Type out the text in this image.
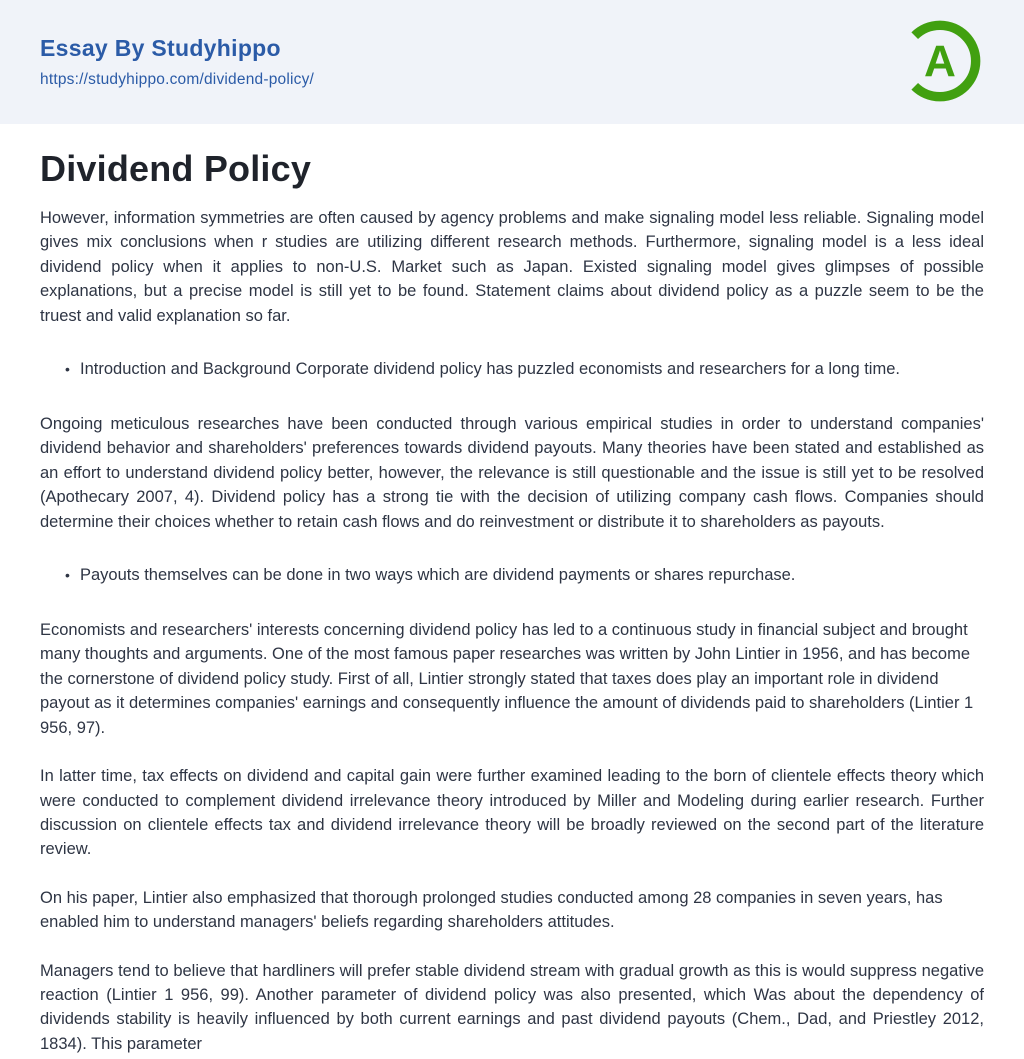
Essay By Studyhippo
https://studyhippo.com/dividend-policy/	A
Dividend Policy

However, information symmetries are often caused by agency problems and make signaling model less reliable. Signaling model gives mix conclusions when r studies are utilizing different research methods. Furthermore, signaling model is a less ideal dividend policy when it applies to non-U.S. Market such as Japan. Existed signaling model gives glimpses of possible explanations, but a precise model is still yet to be found. Statement claims about dividend policy as a puzzle seem to be the truest and valid explanation so far.

• Introduction and Background Corporate dividend policy has puzzled economists and researchers for a long time.

Ongoing meticulous researches have been conducted through various empirical studies in order to understand companies' dividend behavior and shareholders' preferences towards dividend payouts. Many theories have been stated and established as an effort to understand dividend policy better, however, the relevance is still questionable and the issue is still yet to be resolved (Apothecary 2007, 4). Dividend policy has a strong tie with the decision of utilizing company cash flows. Companies should determine their choices whether to retain cash flows and do reinvestment or distribute it to shareholders as payouts.

• Payouts themselves can be done in two ways which are dividend payments or shares repurchase.

Economists and researchers' interests concerning dividend policy has led to a continuous study in financial subject and brought many thoughts and arguments. One of the most famous paper researches was written by John Lintier in 1956, and has become the cornerstone of dividend policy study. First of all, Lintier strongly stated that taxes does play an important role in dividend payout as it determines companies' earnings and consequently influence the amount of dividends paid to shareholders (Lintier 1 956, 97).

In latter time, tax effects on dividend and capital gain were further examined leading to the born of clientele effects theory which were conducted to complement dividend irrelevance theory introduced by Miller and Modeling during earlier research. Further discussion on clientele effects tax and dividend irrelevance theory will be broadly reviewed on the second part of the literature review.

On his paper, Lintier also emphasized that thorough prolonged studies conducted among 28 companies in seven years, has enabled him to understand managers' beliefs regarding shareholders attitudes.

Managers tend to believe that hardliners will prefer stable dividend stream with gradual growth as this is would suppress negative reaction (Lintier 1 956, 99). Another parameter of dividend policy was also presented, which Was about the dependency of dividends stability is heavily influenced by both current earnings and past dividend payouts (Chem., Dad, and Priestley 2012, 1834). This parameter
